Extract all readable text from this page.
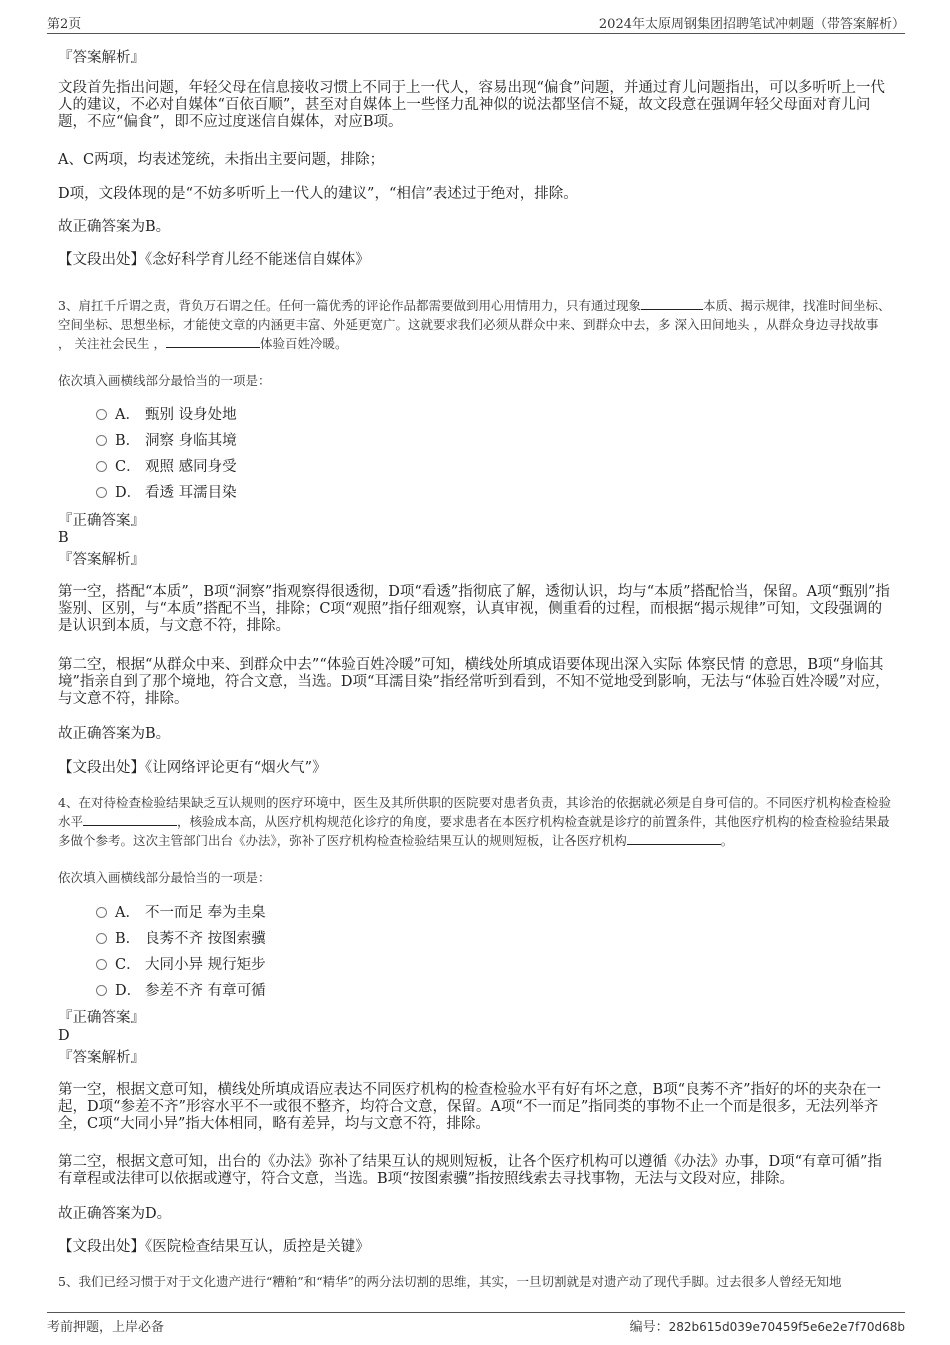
第2页	2024年太原周钢集团招聘笔试冲刺题（带答案解析）
『答案解析』

文段首先指出问题，年轻父母在信息接收习惯上不同于上一代人，容易出现“偏食”问题，并通过育儿问题指出，可以多听听上一代人的建议，不必对自媒体“百依百顺”，甚至对自媒体上一些怪力乱神似的说法都坚信不疑，故文段意在强调年轻父母面对育儿问题，不应“偏食”，即不应过度迷信自媒体，对应B项。

A、C两项，均表述笼统，未指出主要问题，排除；

D项，文段体现的是“不妨多听听上一代人的建议”，“相信”表述过于绝对，排除。

故正确答案为B。

【文段出处】《念好科学育儿经不能迷信自媒体》

3、肩扛千斤谓之责，背负万石谓之任。任何一篇优秀的评论作品都需要做到用心用情用力，只有通过现象	本质、揭示规律，找准时间坐标、空间坐标、思想坐标，才能使文章的内涵更丰富、外延更宽广。这就要求我们必须从群众中来、到群众中去，多 深入田间地头 ，从群众身边寻找故事 ， 关注社会民生 ，	体验百姓冷暖。

依次填入画横线部分最恰当的一项是：

A． 甄别 设身处地
B． 洞察 身临其境
C． 观照 感同身受
D． 看透 耳濡目染
『正确答案』
B
『答案解析』

第一空，搭配“本质”，B项“洞察”指观察得很透彻，D项“看透”指彻底了解，透彻认识，均与“本质”搭配恰当，保留。A项“甄别”指鉴别、区别，与“本质”搭配不当，排除；C项“观照”指仔细观察，认真审视，侧重看的过程，而根据“揭示规律”可知，文段强调的是认识到本质，与文意不符，排除。

第二空，根据“从群众中来、到群众中去”“体验百姓冷暖”可知，横线处所填成语要体现出深入实际 体察民情 的意思，B项“身临其境”指亲自到了那个境地，符合文意，当选。D项“耳濡目染”指经常听到看到，不知不觉地受到影响，无法与“体验百姓冷暖”对应，与文意不符，排除。

故正确答案为B。

【文段出处】《让网络评论更有“烟火气”》

4、在对待检查检验结果缺乏互认规则的医疗环境中，医生及其所供职的医院要对患者负责，其诊治的依据就必须是自身可信的。不同医疗机构检查检验水平	，核验成本高，从医疗机构规范化诊疗的角度，要求患者在本医疗机构检查就是诊疗的前置条件，其他医疗机构的检查检验结果最多做个参考。这次主管部门出台《办法》，弥补了医疗机构检查检验结果互认的规则短板，让各医疗机构	。

依次填入画横线部分最恰当的一项是：

A． 不一而足 奉为圭臬
B． 良莠不齐 按图索骥
C． 大同小异 规行矩步
D． 参差不齐 有章可循
『正确答案』
D
『答案解析』

第一空，根据文意可知，横线处所填成语应表达不同医疗机构的检查检验水平有好有坏之意，B项“良莠不齐”指好的坏的夹杂在一起，D项“参差不齐”形容水平不一或很不整齐，均符合文意，保留。A项“不一而足”指同类的事物不止一个而是很多，无法列举齐全，C项“大同小异”指大体相同，略有差异，均与文意不符，排除。

第二空，根据文意可知，出台的《办法》弥补了结果互认的规则短板，让各个医疗机构可以遵循《办法》办事，D项“有章可循”指有章程或法律可以依据或遵守，符合文意，当选。B项“按图索骥”指按照线索去寻找事物，无法与文段对应，排除。

故正确答案为D。

【文段出处】《医院检查结果互认，质控是关键》

5、我们已经习惯于对于文化遗产进行“糟粕”和“精华”的两分法切割的思维，其实，一旦切割就是对遗产动了现代手脚。过去很多人曾经无知地

考前押题，上岸必备	编号：282b615d039e70459f5e6e2e7f70d68b
